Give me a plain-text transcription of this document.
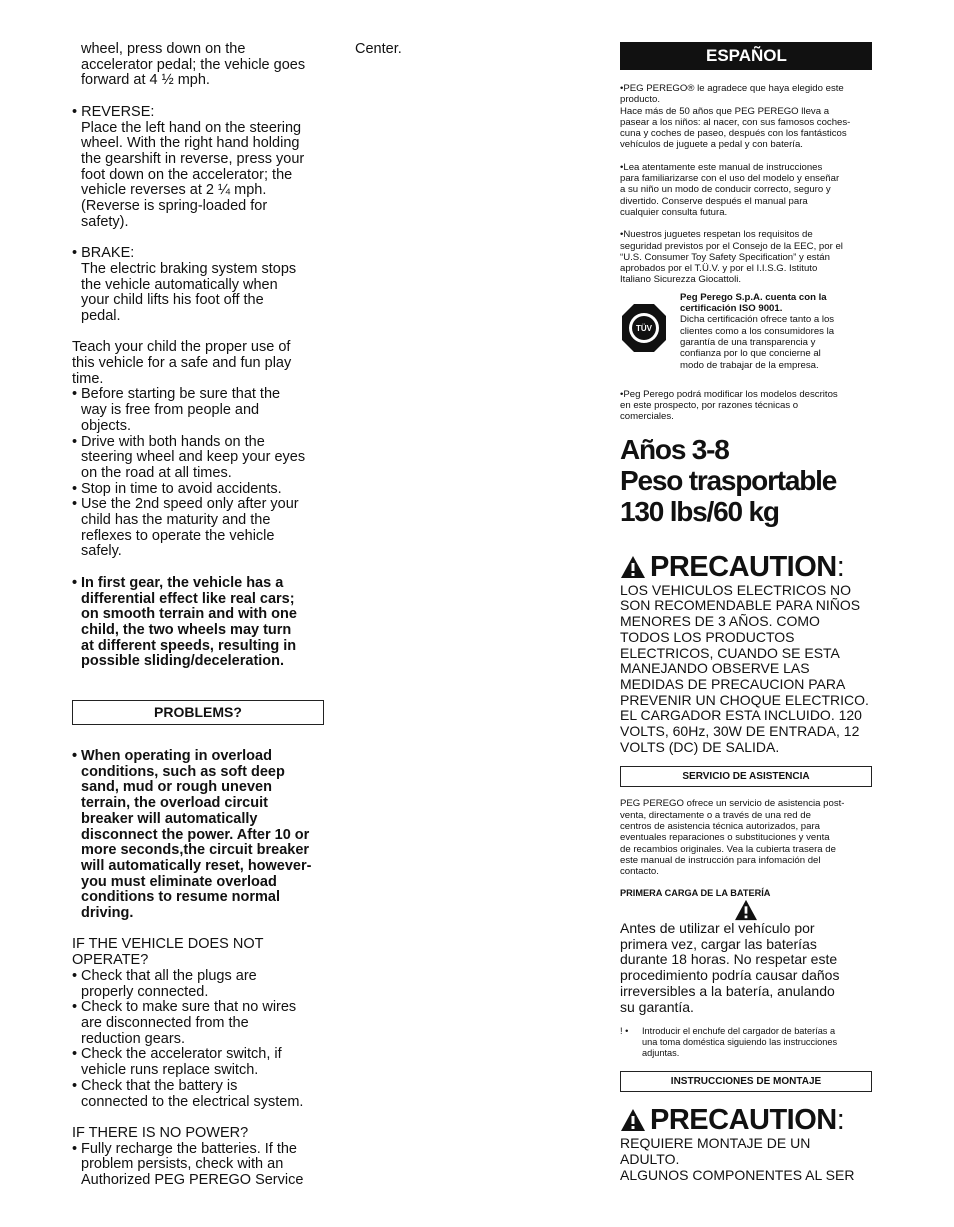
wheel, press down on the

accelerator pedal; the vehicle goes

forward at 4 ½ mph.

• REVERSE:

Place the left hand on the steering

wheel. With the right hand holding

the gearshift in reverse, press your

foot down on the accelerator; the

vehicle reverses at 2 ¼ mph.

(Reverse is spring-loaded for

safety).

• BRAKE:

The electric braking system stops

the vehicle automatically when

your child lifts his foot off the

pedal.

Teach your child the proper use of

this vehicle for a safe and fun play

time.

• Before starting be sure that the

way is free from people and

objects.

• Drive with both hands on the

steering wheel and keep your eyes

on the road at all times.

• Stop in time to avoid accidents.

• Use the 2nd speed only after your

child has the maturity and the

reflexes to operate the vehicle

safely.

• In first gear, the vehicle has a

differential effect like real cars;

on smooth terrain and with one

child, the two wheels may turn

at different speeds, resulting in

possible sliding/deceleration.

PROBLEMS?

• When operating in overload

conditions, such as soft deep

sand, mud or rough uneven

terrain, the overload circuit

breaker will automatically

disconnect the power. After 10 or

more seconds,the circuit breaker

will automatically reset, however-

you must eliminate overload

conditions to resume normal

driving.

IF THE VEHICLE DOES NOT

OPERATE?

• Check that all the plugs are

properly connected.

• Check to make sure that no wires

are disconnected from the

reduction gears.

• Check the accelerator switch, if

vehicle runs replace switch.

• Check that the battery is

connected to the electrical system.

IF THERE IS NO POWER?

• Fully recharge the batteries. If the

problem persists, check with an

Authorized PEG PEREGO Service

Center.	ESPAÑOL

•PEG PEREGO® le agradece que haya elegido este

producto.

Hace más de 50 años que PEG PEREGO lleva a

pasear a los niños: al nacer, con sus famosos coches-

cuna y coches de paseo, después con los fantásticos

vehículos de juguete a pedal y con batería.

•Lea atentamente este manual de instrucciones

para familiarizarse con el uso del modelo y enseñar

a su niño un modo de conducir correcto, seguro y

divertido. Conserve después el manual para

cualquier consulta futura.

•Nuestros juguetes respetan los requisitos de

seguridad previstos por el Consejo de la EEC, por el

“U.S. Consumer Toy Safety Specification” y están

aprobados por el T.Ü.V. y por el I.I.S.G. Istituto

Italiano Sicurezza Giocattoli.

TÜV

Peg Perego S.p.A. cuenta con la

certificación ISO 9001.

Dicha certificación ofrece tanto a los

clientes como a los consumidores la

garantía de una transparencia y

confianza por lo que concierne al

modo de trabajar de la empresa.

•Peg Perego podrá modificar los modelos descritos

en este prospecto, por razones técnicas o

comerciales.

Años 3-8

Peso trasportable

130 lbs/60 kg

PRECAUTION :

LOS VEHICULOS ELECTRICOS NO

SON RECOMENDABLE PARA NIÑOS

MENORES DE 3 AÑOS. COMO

TODOS LOS PRODUCTOS

ELECTRICOS, CUANDO SE ESTA

MANEJANDO OBSERVE LAS

MEDIDAS DE PRECAUCION PARA

PREVENIR UN CHOQUE ELECTRICO.

EL CARGADOR ESTA INCLUIDO. 120

VOLTS, 60Hz, 30W DE ENTRADA, 12

VOLTS (DC) DE SALIDA.

SERVICIO DE ASISTENCIA

PEG PEREGO ofrece un servicio de asistencia post-

venta, directamente o a través de una red de

centros de asistencia técnica autorizados, para

eventuales reparaciones o substituciones y venta

de recambios originales. Vea la cubierta trasera de

este manual de instrucción para infomación del

contacto.

PRIMERA CARGA DE LA BATERÍA

Antes de utilizar el vehículo por

primera vez, cargar las baterías

durante 18 horas. No respetar este

procedimiento podría causar daños

irreversibles a la batería, anulando

su garantía.

! •	Introducir el enchufe del cargador de baterías a

una toma doméstica siguiendo las instrucciones

adjuntas.

INSTRUCCIONES DE MONTAJE
PRECAUTION :

REQUIERE MONTAJE DE UN ADULTO.

ALGUNOS COMPONENTES AL SER
